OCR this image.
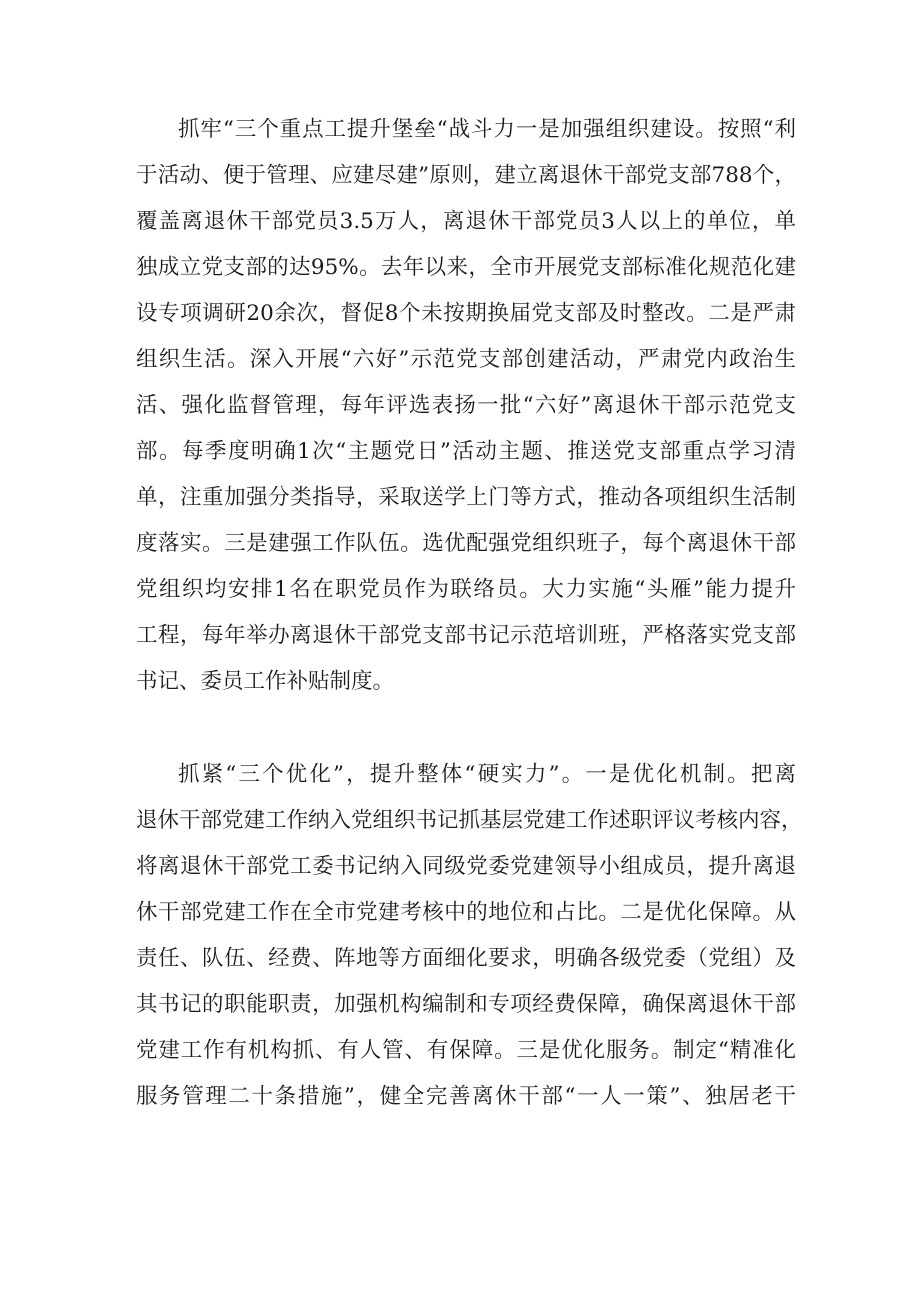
抓牢“三个重点工提升堡垒“战斗力一是加强组织建设。按照“利
于活动、便于管理、应建尽建”原则，建立离退休干部党支部788个，
覆盖离退休干部党员3.5万人，离退休干部党员3人以上的单位，单
独成立党支部的达95%。去年以来，全市开展党支部标准化规范化建
设专项调研20余次，督促8个未按期换届党支部及时整改。二是严肃
组织生活。深入开展“六好”示范党支部创建活动，严肃党内政治生
活、强化监督管理，每年评选表扬一批“六好”离退休干部示范党支
部。每季度明确1次“主题党日”活动主题、推送党支部重点学习清
单，注重加强分类指导，采取送学上门等方式，推动各项组织生活制
度落实。三是建强工作队伍。选优配强党组织班子，每个离退休干部
党组织均安排1名在职党员作为联络员。大力实施“头雁”能力提升
工程，每年举办离退休干部党支部书记示范培训班，严格落实党支部
书记、委员工作补贴制度。
抓紧“三个优化”，提升整体“硬实力”。一是优化机制。把离
退休干部党建工作纳入党组织书记抓基层党建工作述职评议考核内容，
将离退休干部党工委书记纳入同级党委党建领导小组成员，提升离退
休干部党建工作在全市党建考核中的地位和占比。二是优化保障。从
责任、队伍、经费、阵地等方面细化要求，明确各级党委（党组）及
其书记的职能职责，加强机构编制和专项经费保障，确保离退休干部
党建工作有机构抓、有人管、有保障。三是优化服务。制定“精准化
服务管理二十条措施”，健全完善离休干部“一人一策”、独居老干
